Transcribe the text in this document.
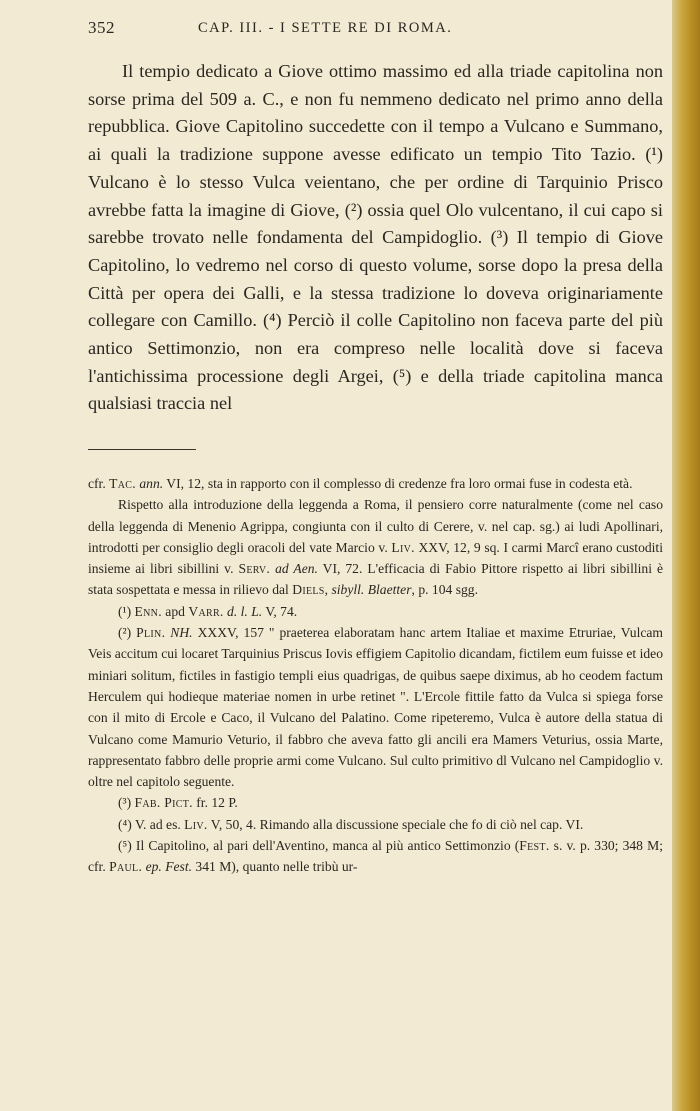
352	CAP. III. - I SETTE RE DI ROMA.

Il tempio dedicato a Giove ottimo massimo ed alla triade capitolina non sorse prima del 509 a. C., e non fu nemmeno dedicato nel primo anno della repubblica. Giove Capitolino succedette con il tempo a Vulcano e Summano, ai quali la tradizione suppone avesse edificato un tempio Tito Tazio. (¹) Vulcano è lo stesso Vulca veientano, che per ordine di Tarquinio Prisco avrebbe fatta la imagine di Giove, (²) ossia quel Olo vulcentano, il cui capo si sarebbe trovato nelle fondamenta del Campidoglio. (³) Il tempio di Giove Capitolino, lo vedremo nel corso di questo volume, sorse dopo la presa della Città per opera dei Galli, e la stessa tradizione lo doveva originariamente collegare con Camillo. (⁴) Perciò il colle Capitolino non faceva parte del più antico Settimonzio, non era compreso nelle località dove si faceva l'antichissima processione degli Argei, (⁵) e della triade capitolina manca qualsiasi traccia nel

cfr. Tac. ann. VI, 12, sta in rapporto con il complesso di credenze fra loro ormai fuse in codesta età.

Rispetto alla introduzione della leggenda a Roma, il pensiero corre naturalmente (come nel caso della leggenda di Menenio Agrippa, congiunta con il culto di Cerere, v. nel cap. sg.) ai ludi Apollinari, introdotti per consiglio degli oracoli del vate Marcio v. Liv. XXV, 12, 9 sq. I carmi Marcî erano custoditi insieme ai libri sibillini v. Serv. ad Aen. VI, 72. L'efficacia di Fabio Pittore rispetto ai libri sibillini è stata sospettata e messa in rilievo dal Diels, sibyll. Blaetter, p. 104 sgg.

(¹) Enn. apd Varr. d. l. L. V, 74.

(²) Plin. NH. XXXV, 157 " praeterea elaboratam hanc artem Italiae et maxime Etruriae, Vulcam Veis accitum cui locaret Tarquinius Priscus Iovis effigiem Capitolio dicandam, fictilem eum fuisse et ideo miniari solitum, fictiles in fastigio templi eius quadrigas, de quibus saepe diximus, ab ho ceodem factum Herculem qui hodieque materiae nomen in urbe retinet ". L'Ercole fittile fatto da Vulca si spiega forse con il mito di Ercole e Caco, il Vulcano del Palatino. Come ripeteremo, Vulca è autore della statua di Vulcano come Mamurio Veturio, il fabbro che aveva fatto gli ancili era Mamers Veturius, ossia Marte, rappresentato fabbro delle proprie armi come Vulcano. Sul culto primitivo dl Vulcano nel Campidoglio v. oltre nel capitolo seguente.

(³) Fab. Pict. fr. 12 P.

(⁴) V. ad es. Liv. V, 50, 4. Rimando alla discussione speciale che fo di ciò nel cap. VI.

(⁵) Il Capitolino, al pari dell'Aventino, manca al più antico Settimonzio (Fest. s. v. p. 330; 348 M; cfr. Paul. ep. Fest. 341 M), quanto nelle tribù ur-
